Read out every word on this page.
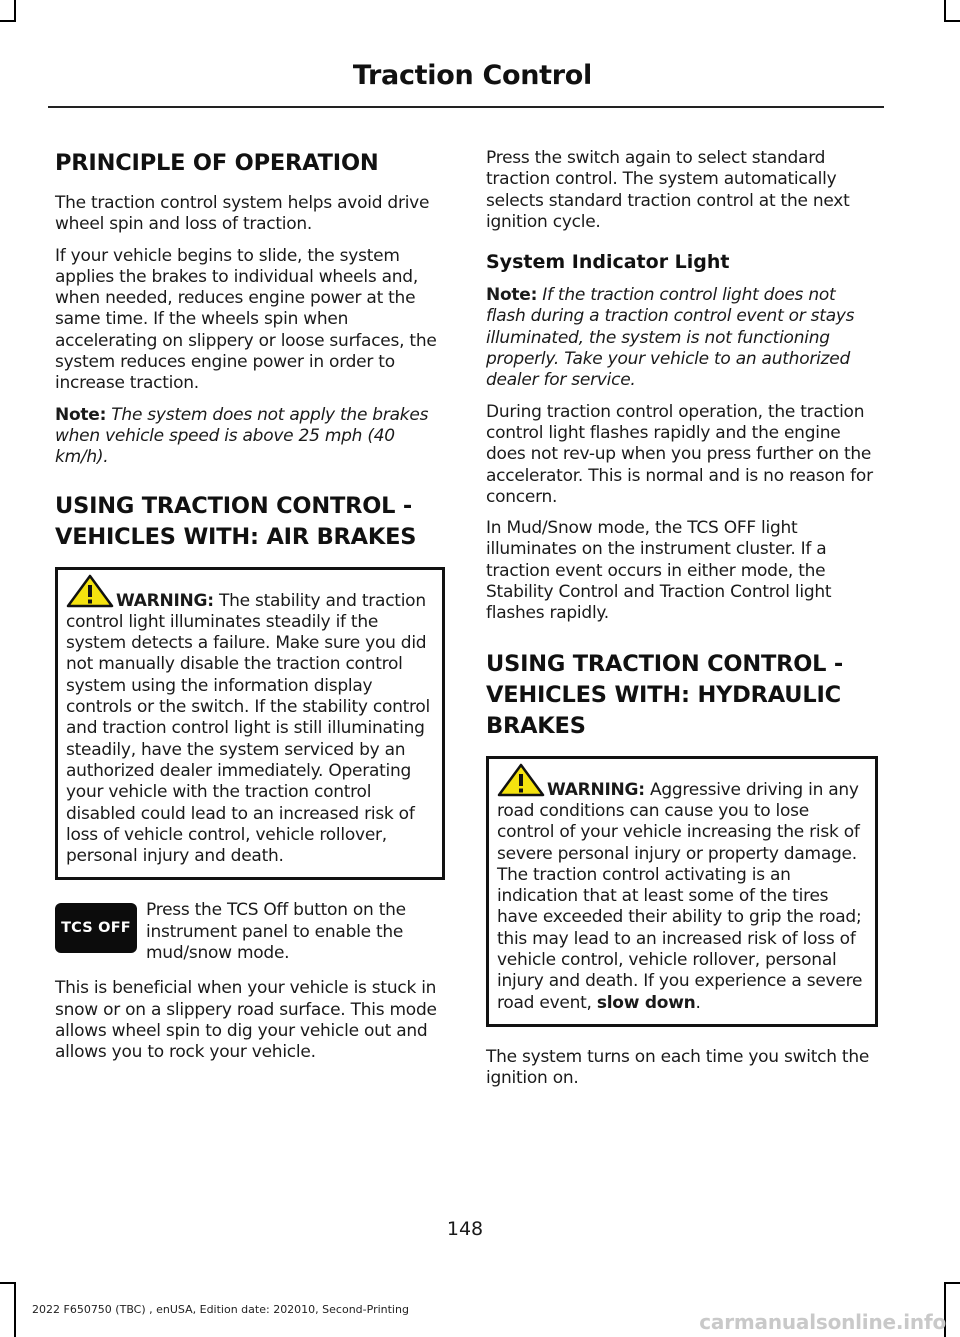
Traction Control
PRINCIPLE OF OPERATION

The traction control system helps avoid drive wheel spin and loss of traction.

If your vehicle begins to slide, the system applies the brakes to individual wheels and, when needed, reduces engine power at the same time. If the wheels spin when accelerating on slippery or loose surfaces, the system reduces engine power in order to increase traction.

Note: The system does not apply the brakes when vehicle speed is above 25 mph (40 km/h).

USING TRACTION CONTROL -
VEHICLES WITH: AIR BRAKES

WARNING: The stability and traction control light illuminates steadily if the system detects a failure. Make sure you did not manually disable the traction control system using the information display controls or the switch. If the stability control and traction control light is still illuminating steadily, have the system serviced by an authorized dealer immediately. Operating your vehicle with the traction control disabled could lead to an increased risk of loss of vehicle control, vehicle rollover, personal injury and death.

TCS OFF

Press the TCS Off button on the instrument panel to enable the mud/snow mode.

This is beneficial when your vehicle is stuck in snow or on a slippery road surface. This mode allows wheel spin to dig your vehicle out and allows you to rock your vehicle.

Press the switch again to select standard traction control. The system automatically selects standard traction control at the next ignition cycle.

System Indicator Light

Note: If the traction control light does not flash during a traction control event or stays illuminated, the system is not functioning properly. Take your vehicle to an authorized dealer for service.

During traction control operation, the traction control light flashes rapidly and the engine does not rev-up when you press further on the accelerator. This is normal and is no reason for concern.

In Mud/Snow mode, the TCS OFF light illuminates on the instrument cluster. If a traction event occurs in either mode, the Stability Control and Traction Control light flashes rapidly.

USING TRACTION CONTROL -
VEHICLES WITH: HYDRAULIC
BRAKES

WARNING: Aggressive driving in any road conditions can cause you to lose control of your vehicle increasing the risk of severe personal injury or property damage. The traction control activating is an indication that at least some of the tires have exceeded their ability to grip the road; this may lead to an increased risk of loss of vehicle control, vehicle rollover, personal injury and death. If you experience a severe road event, slow down.

The system turns on each time you switch the ignition on.

148
2022 F650750 (TBC) , enUSA, Edition date: 202010, Second-Printing
carmanualsonline.info
